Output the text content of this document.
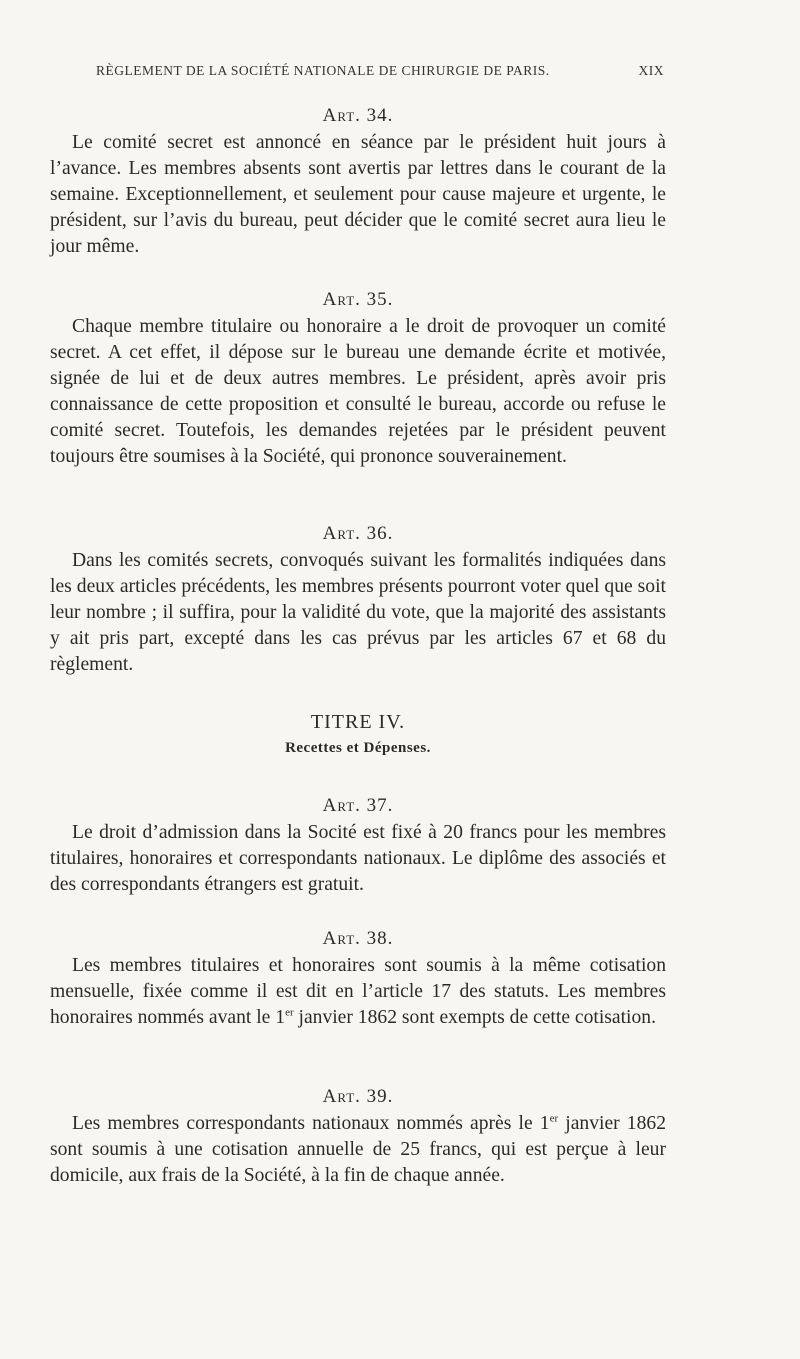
RÈGLEMENT DE LA SOCIÉTÉ NATIONALE DE CHIRURGIE DE PARIS.	XIX
Art. 34.

Le comité secret est annoncé en séance par le président huit jours à l’avance. Les membres absents sont avertis par lettres dans le courant de la semaine. Exceptionnellement, et seulement pour cause majeure et urgente, le président, sur l’avis du bureau, peut décider que le comité secret aura lieu le jour même.

Art. 35.

Chaque membre titulaire ou honoraire a le droit de provoquer un comité secret. A cet effet, il dépose sur le bureau une demande écrite et motivée, signée de lui et de deux autres membres. Le président, après avoir pris connaissance de cette proposition et consulté le bureau, accorde ou refuse le comité secret. Toutefois, les demandes rejetées par le président peuvent toujours être soumises à la Société, qui prononce souverainement.

Art. 36.

Dans les comités secrets, convoqués suivant les formalités indiquées dans les deux articles précédents, les membres présents pourront voter quel que soit leur nombre ; il suffira, pour la validité du vote, que la majorité des assistants y ait pris part, excepté dans les cas prévus par les articles 67 et 68 du règlement.

TITRE IV.
Recettes et Dépenses.
Art. 37.

Le droit d’admission dans la Socité est fixé à 20 francs pour les membres titulaires, honoraires et correspondants nationaux. Le diplôme des associés et des correspondants étrangers est gratuit.

Art. 38.

Les membres titulaires et honoraires sont soumis à la même cotisation mensuelle, fixée comme il est dit en l’article 17 des statuts. Les membres honoraires nommés avant le 1er janvier 1862 sont exempts de cette cotisation.

Art. 39.

Les membres correspondants nationaux nommés après le 1er janvier 1862 sont soumis à une cotisation annuelle de 25 francs, qui est perçue à leur domicile, aux frais de la Société, à la fin de chaque année.
